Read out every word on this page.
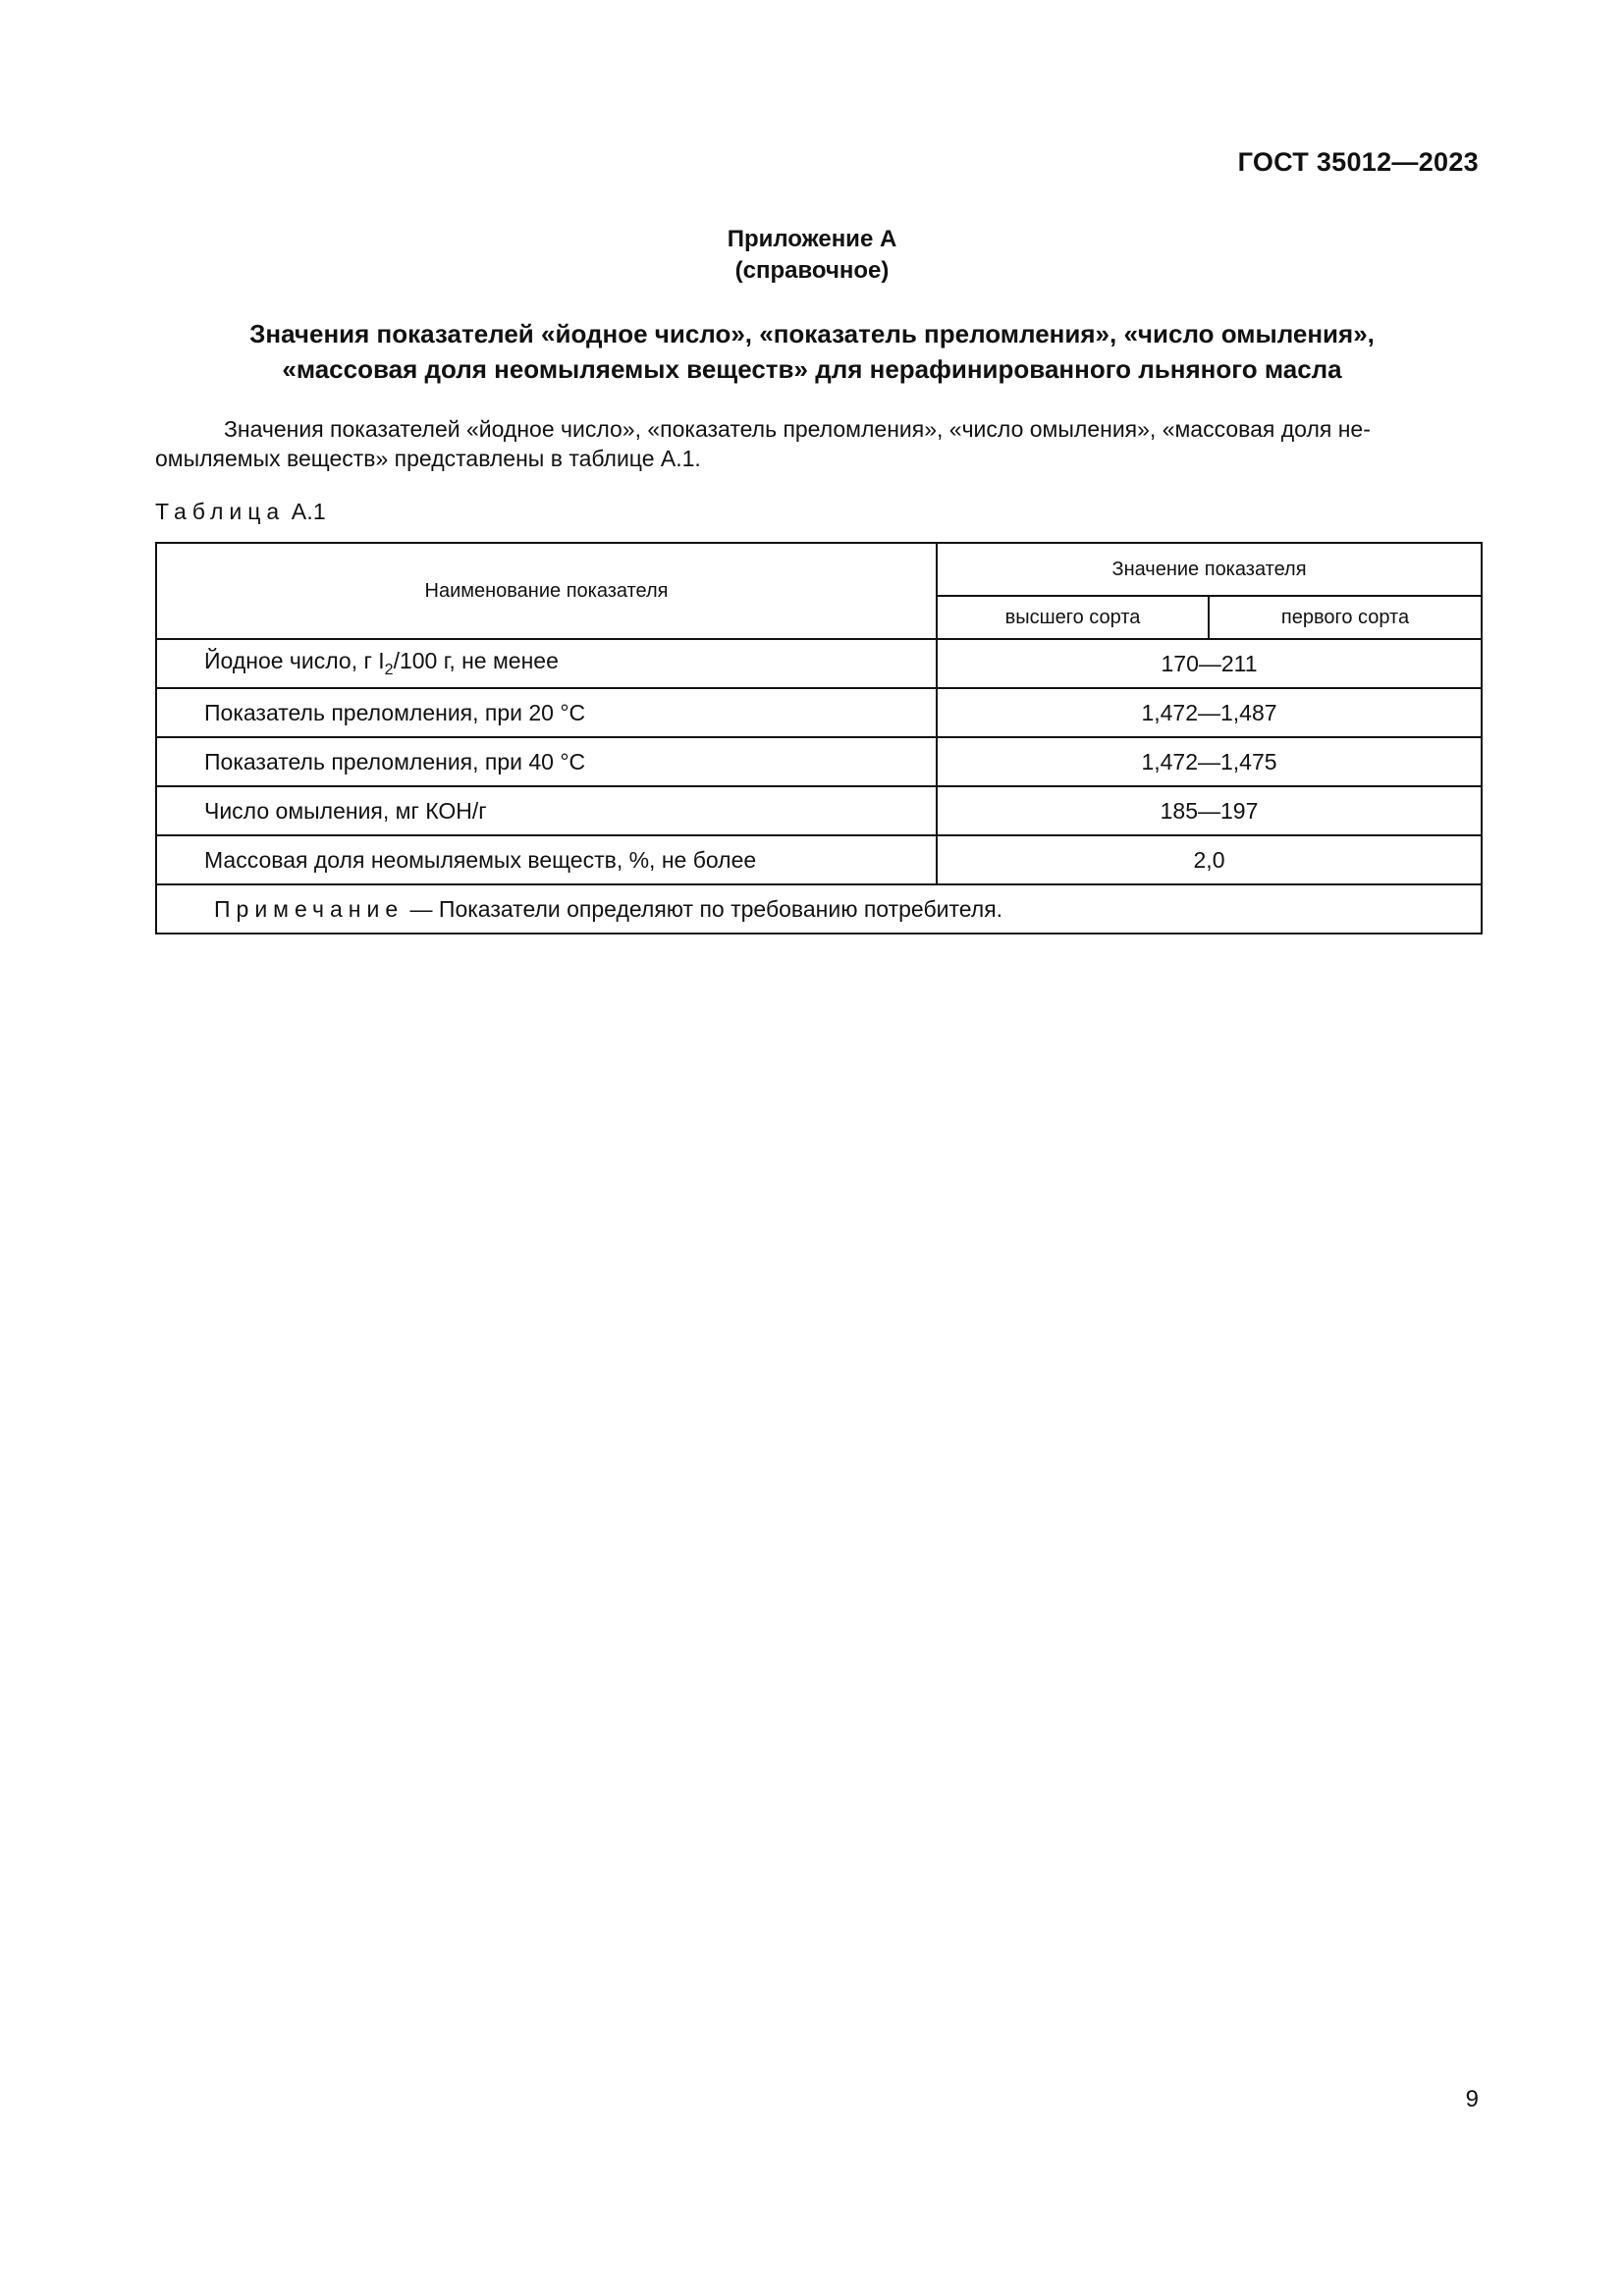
ГОСТ 35012—2023
Приложение А
(справочное)
Значения показателей «йодное число», «показатель преломления», «число омыления»,
«массовая доля неомыляемых веществ» для нерафинированного льняного масла
Значения показателей «йодное число», «показатель преломления», «число омыления», «массовая доля не-
омыляемых веществ» представлены в таблице А.1.
Таблица А.1
Наименование показателя	Значение показателя	
	высшего сорта	первого сорта
Йодное число, г $I_2/100$ г, не менее	170—211	
Показатель преломления, при 20 °С	1,472—1,487	
Показатель преломления, при 40 °С	1,472—1,475	
Число омыления, мг КОН/г	185—197	
Массовая доля неомыляемых веществ, %, не более	2,0	
Примечание — Показатели определяют по требованию потребителя.		
9
